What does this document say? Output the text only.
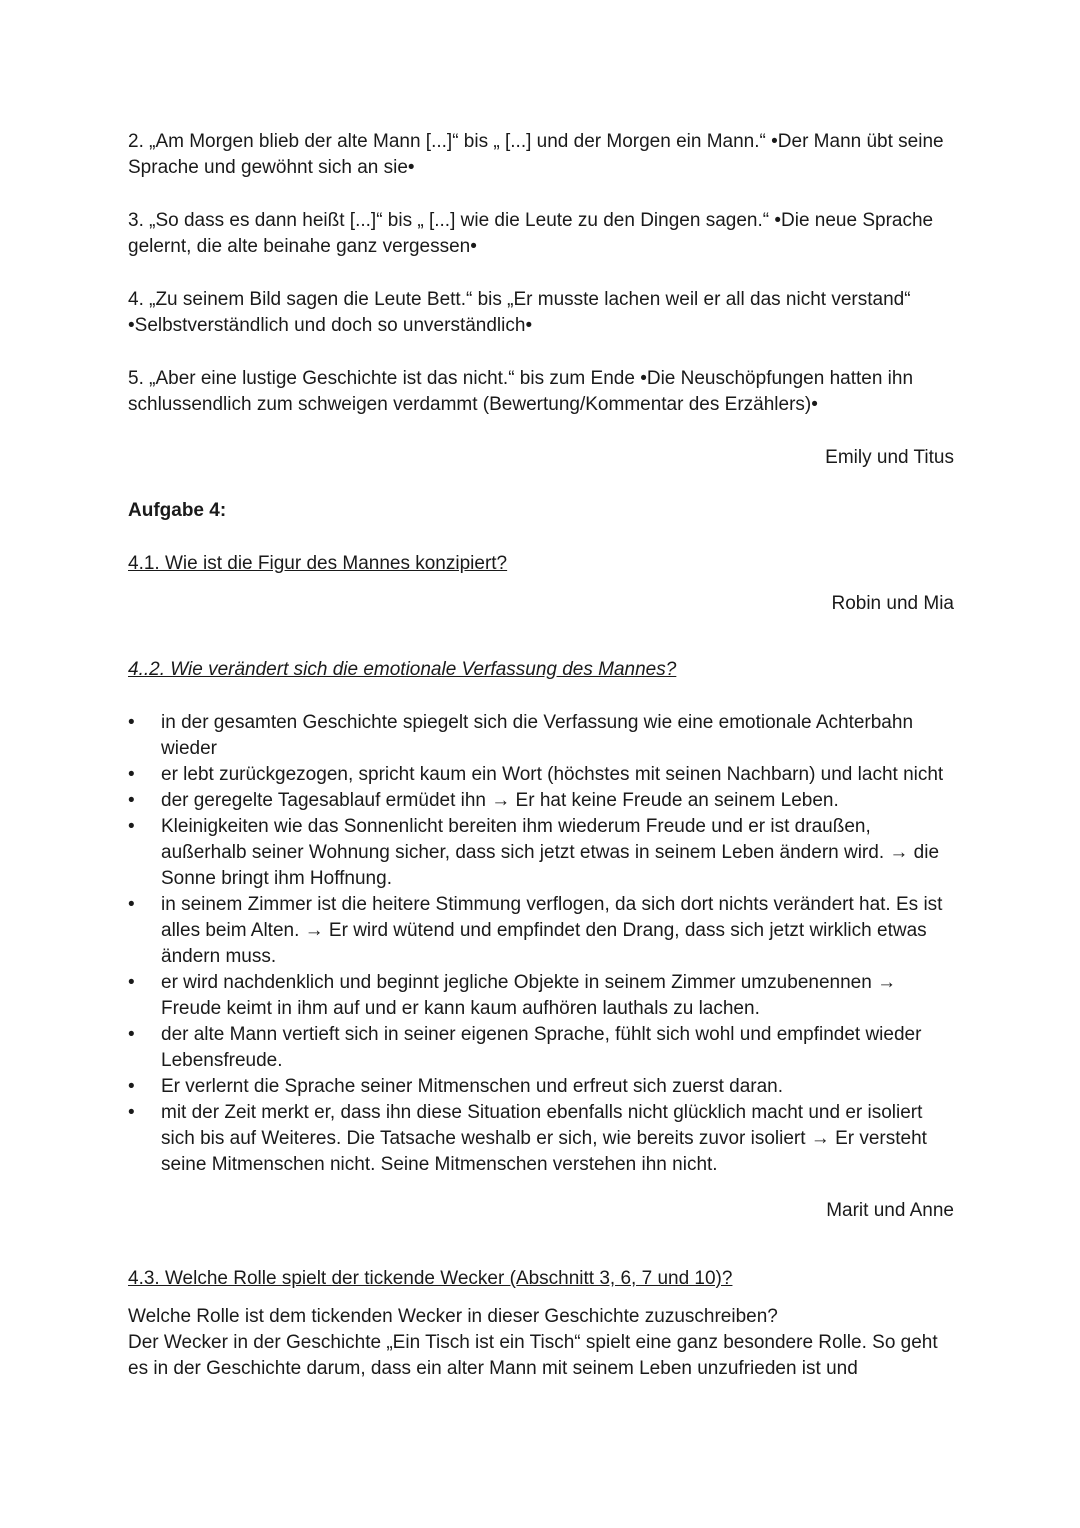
2. „Am Morgen blieb der alte Mann [...]“ bis „ [...] und der Morgen ein Mann.“ •Der Mann übt seine Sprache und gewöhnt sich an sie•

3. „So dass es dann heißt [...]“ bis „ [...] wie die Leute zu den Dingen sagen.“ •Die neue Sprache gelernt, die alte beinahe ganz vergessen•

4. „Zu seinem Bild sagen die Leute Bett.“ bis „Er musste lachen weil er all das nicht verstand“ •Selbstverständlich und doch so unverständlich•

5. „Aber eine lustige Geschichte ist das nicht.“ bis zum Ende •Die Neuschöpfungen hatten ihn schlussendlich zum schweigen verdammt (Bewertung/Kommentar des Erzählers)•

Emily und Titus

Aufgabe 4:

4.1. Wie ist die Figur des Mannes konzipiert?

Robin und Mia

4..2. Wie verändert sich die emotionale Verfassung des Mannes?

• in der gesamten Geschichte spiegelt sich die Verfassung wie eine emotionale Achterbahn wieder
• er lebt zurückgezogen, spricht kaum ein Wort (höchstes mit seinen Nachbarn) und lacht nicht
• der geregelte Tagesablauf ermüdet ihn → Er hat keine Freude an seinem Leben.
• Kleinigkeiten wie das Sonnenlicht bereiten ihm wiederum Freude und er ist draußen, außerhalb seiner Wohnung sicher, dass sich jetzt etwas in seinem Leben ändern wird. → die Sonne bringt ihm Hoffnung.
• in seinem Zimmer ist die heitere Stimmung verflogen, da sich dort nichts verändert hat. Es ist alles beim Alten. → Er wird wütend und empfindet den Drang, dass sich jetzt wirklich etwas ändern muss.
• er wird nachdenklich und beginnt jegliche Objekte in seinem Zimmer umzubenennen → Freude keimt in ihm auf und er kann kaum aufhören lauthals zu lachen.
• der alte Mann vertieft sich in seiner eigenen Sprache, fühlt sich wohl und empfindet wieder Lebensfreude.
• Er verlernt die Sprache seiner Mitmenschen und erfreut sich zuerst daran.
• mit der Zeit merkt er, dass ihn diese Situation ebenfalls nicht glücklich macht und er isoliert sich bis auf Weiteres. Die Tatsache weshalb er sich, wie bereits zuvor isoliert → Er versteht seine Mitmenschen nicht. Seine Mitmenschen verstehen ihn nicht.

Marit und Anne

4.3. Welche Rolle spielt der tickende Wecker (Abschnitt 3, 6, 7 und 10)?

Welche Rolle ist dem tickenden Wecker in dieser Geschichte zuzuschreiben?

Der Wecker in der Geschichte „Ein Tisch ist ein Tisch“ spielt eine ganz besondere Rolle. So geht es in der Geschichte darum, dass ein alter Mann mit seinem Leben unzufrieden ist und
